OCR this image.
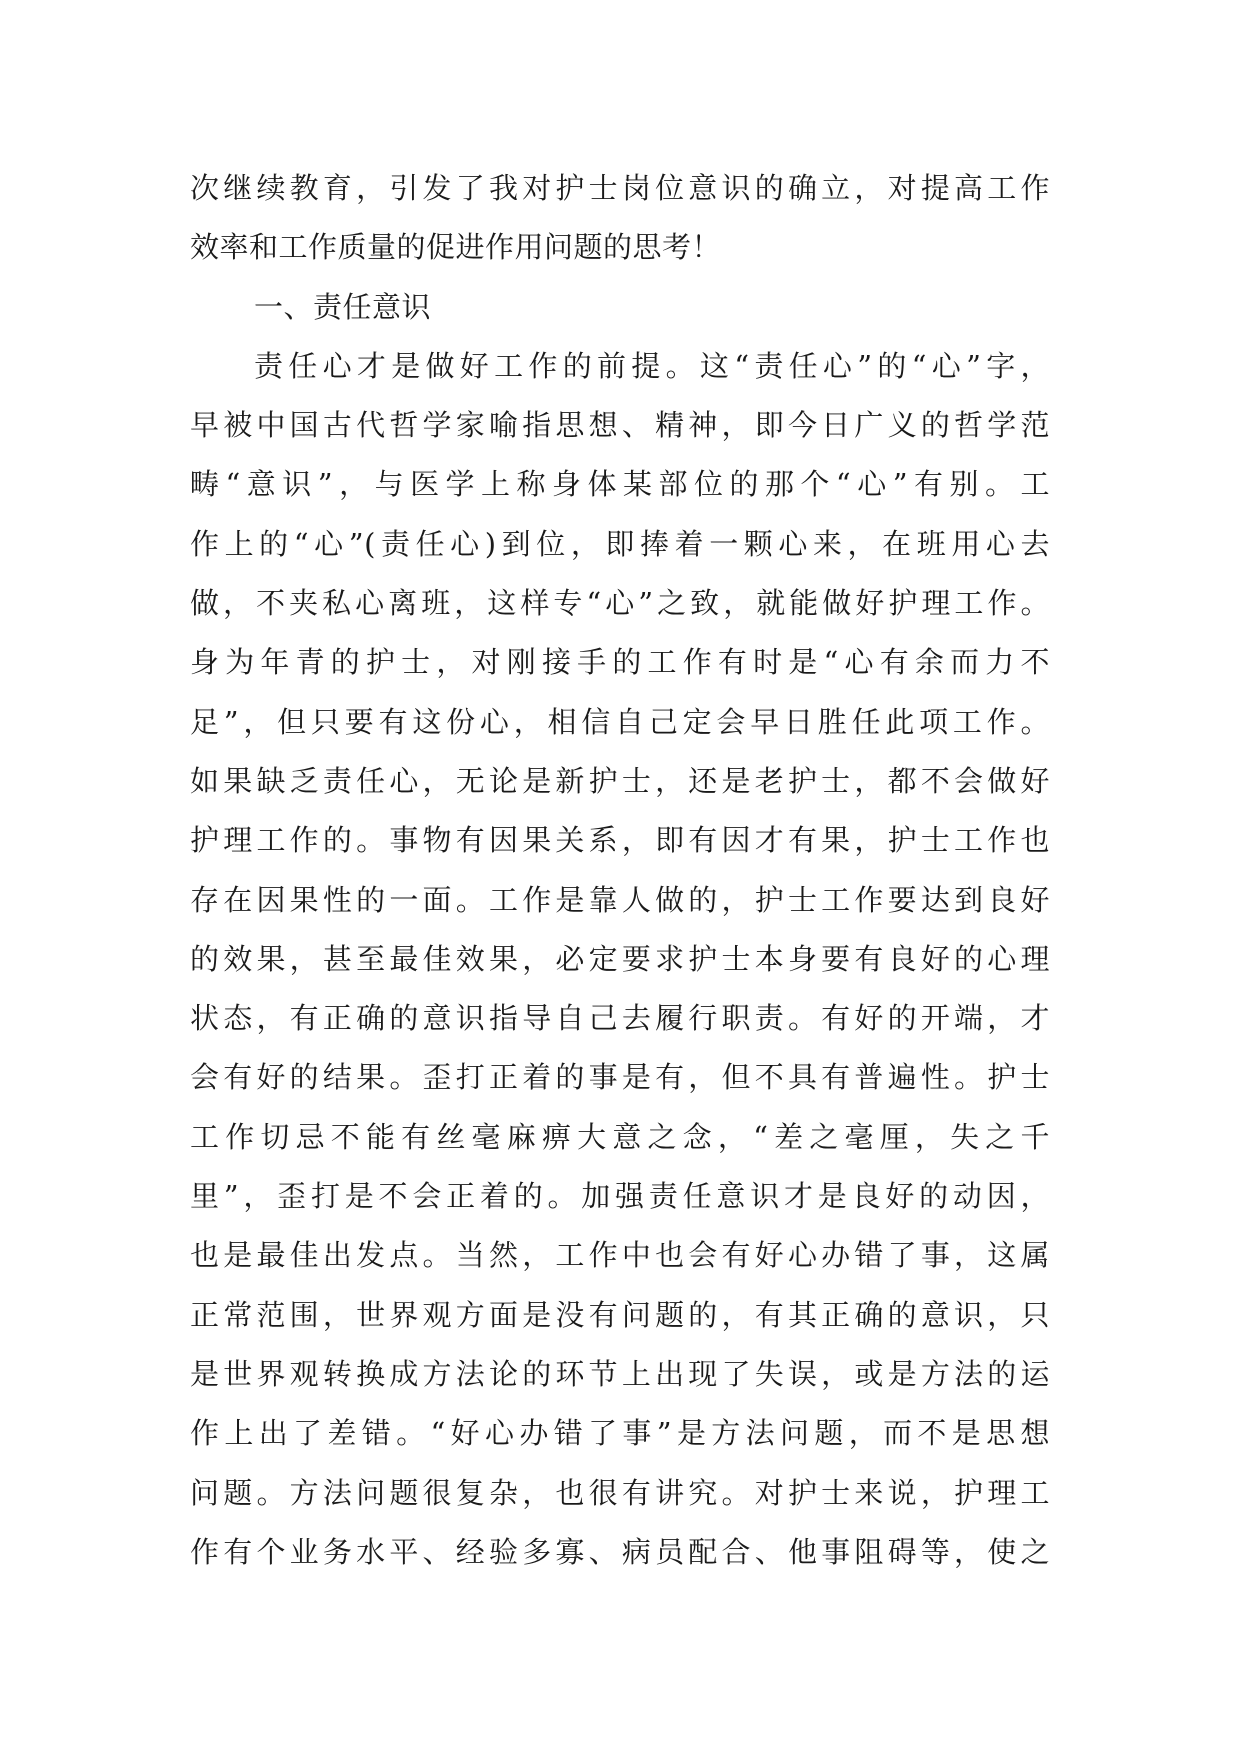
次继续教育，引发了我对护士岗位意识的确立，对提高工作
效率和工作质量的促进作用问题的思考！
一、责任意识
责任心才是做好工作的前提。这“责任心”的“心”字，
早被中国古代哲学家喻指思想、精神，即今日广义的哲学范
畴“意识”，与医学上称身体某部位的那个“心”有别。工
作上的“心”(责任心)到位，即捧着一颗心来，在班用心去
做，不夹私心离班，这样专“心”之致，就能做好护理工作。
身为年青的护士，对刚接手的工作有时是“心有余而力不
足”，但只要有这份心，相信自己定会早日胜任此项工作。
如果缺乏责任心，无论是新护士，还是老护士，都不会做好
护理工作的。事物有因果关系，即有因才有果，护士工作也
存在因果性的一面。工作是靠人做的，护士工作要达到良好
的效果，甚至最佳效果，必定要求护士本身要有良好的心理
状态，有正确的意识指导自己去履行职责。有好的开端，才
会有好的结果。歪打正着的事是有，但不具有普遍性。护士
工作切忌不能有丝毫麻痹大意之念，“差之毫厘，失之千
里”，歪打是不会正着的。加强责任意识才是良好的动因，
也是最佳出发点。当然，工作中也会有好心办错了事，这属
正常范围，世界观方面是没有问题的，有其正确的意识，只
是世界观转换成方法论的环节上出现了失误，或是方法的运
作上出了差错。“好心办错了事”是方法问题，而不是思想
问题。方法问题很复杂，也很有讲究。对护士来说，护理工
作有个业务水平、经验多寡、病员配合、他事阻碍等，使之
